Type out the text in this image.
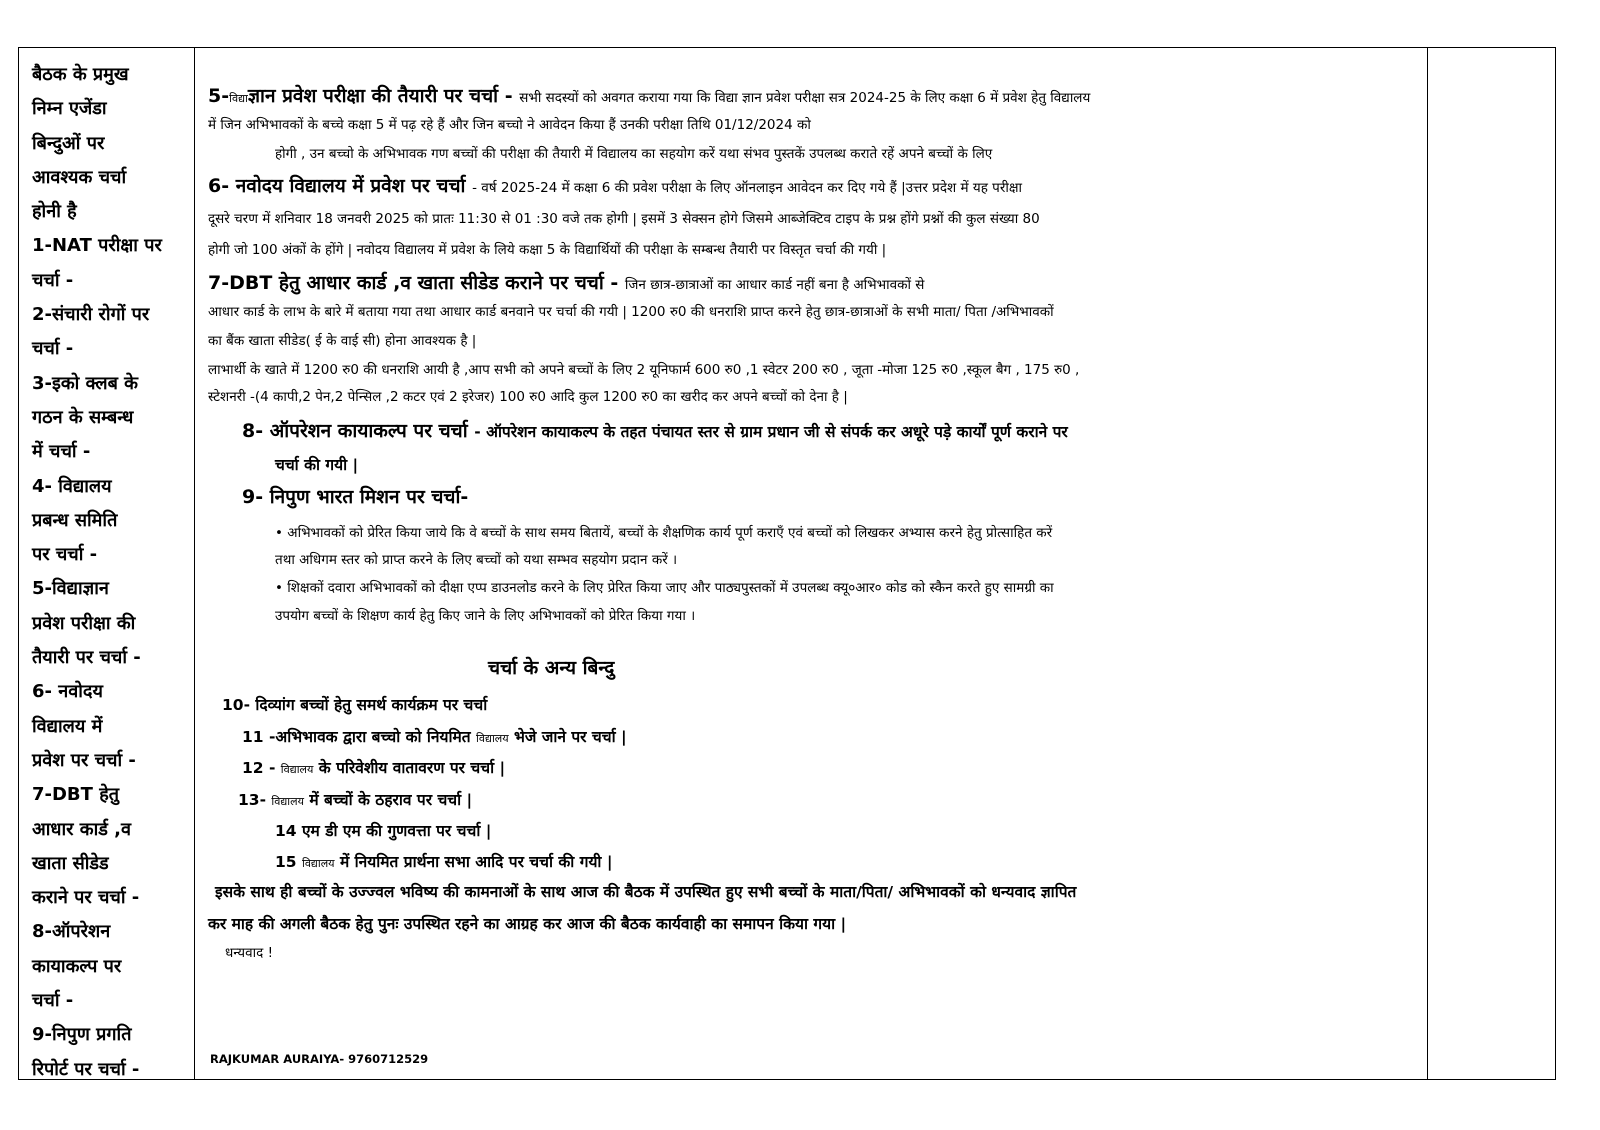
बैठक के प्रमुख
निम्न एजेंडा
बिन्दुओं पर
आवश्यक चर्चा
होनी है
1-NAT परीक्षा पर
चर्चा -
2-संचारी रोगों पर
चर्चा -
3-इको क्लब के
गठन के सम्बन्ध
में चर्चा -
4- विद्यालय
प्रबन्ध समिति
पर चर्चा -
5-विद्याज्ञान
प्रवेश परीक्षा की
तैयारी पर चर्चा -
6- नवोदय
विद्यालय में
प्रवेश पर चर्चा -
7-DBT हेतु
आधार कार्ड ,व
खाता सीडेड
कराने पर चर्चा -
8-ऑपरेशन
कायाकल्प पर
चर्चा -
9-निपुण प्रगति
रिपोर्ट पर चर्चा -
5-विद्याज्ञान प्रवेश परीक्षा की तैयारी पर चर्चा - सभी सदस्यों को अवगत कराया गया कि विद्या ज्ञान प्रवेश परीक्षा सत्र 2024-25 के लिए कक्षा 6 में प्रवेश हेतु विद्यालय
में जिन अभिभावकों के बच्चे कक्षा 5 में पढ़ रहे हैं और जिन बच्चो ने आवेदन किया हैं उनकी परीक्षा तिथि 01/12/2024 को
होगी , उन बच्चो के अभिभावक गण बच्चों की परीक्षा की तैयारी में विद्यालय का सहयोग करें यथा संभव पुस्तकें उपलब्ध कराते रहें अपने बच्चों के लिए
6- नवोदय विद्यालय में प्रवेश पर चर्चा - वर्ष 2025-24 में कक्षा 6 की प्रवेश परीक्षा के लिए ऑनलाइन आवेदन कर दिए गये हैं |उत्तर प्रदेश में यह परीक्षा
दूसरे चरण में शनिवार 18 जनवरी 2025 को प्रातः 11:30 से 01 :30 वजे तक होगी | इसमें 3 सेक्सन होगे जिसमे आब्जेक्टिव टाइप के प्रश्न होंगे प्रश्नों की कुल संख्या 80
होगी जो 100 अंकों के होंगे | नवोदय विद्यालय में प्रवेश के लिये कक्षा 5 के विद्यार्थियों की परीक्षा के सम्बन्ध तैयारी पर विस्तृत चर्चा की गयी |
7-DBT हेतु आधार कार्ड ,व खाता सीडेड कराने पर चर्चा - जिन छात्र-छात्राओं का आधार कार्ड नहीं बना है अभिभावकों से
आधार कार्ड के लाभ के बारे में बताया गया तथा आधार कार्ड बनवाने पर चर्चा की गयी | 1200 रु0 की धनराशि प्राप्त करने हेतु छात्र-छात्राओं के सभी माता/ पिता /अभिभावकों
का बैंक खाता सीडेड( ई के वाई सी) होना आवश्यक है |
लाभार्थी के खाते में 1200 रु0 की धनराशि आयी है ,आप सभी को अपने बच्चों के लिए 2 यूनिफार्म 600 रु0 ,1 स्वेटर 200 रु0 , जूता -मोजा 125 रु0 ,स्कूल बैग , 175 रु0 ,
स्टेशनरी -(4 कापी,2 पेन,2 पेन्सिल ,2 कटर एवं 2 इरेजर) 100 रु0 आदि कुल 1200 रु0 का खरीद कर अपने बच्चों को देना है |
8- ऑपरेशन कायाकल्प पर चर्चा - ऑपरेशन कायाकल्प के तहत पंचायत स्तर से ग्राम प्रधान जी से संपर्क कर अधूरे पड़े कार्यों पूर्ण कराने पर
चर्चा की गयी |
9- निपुण भारत मिशन पर चर्चा-
• अभिभावकों को प्रेरित किया जाये कि वे बच्चों के साथ समय बितायें, बच्चों के शैक्षणिक कार्य पूर्ण कराएँ एवं बच्चों को लिखकर अभ्यास करने हेतु प्रोत्साहित करें
तथा अधिगम स्तर को प्राप्त करने के लिए बच्चों को यथा सम्भव सहयोग प्रदान करें ।
• शिक्षकों दवारा अभिभावकों को दीक्षा एप्प डाउनलोड करने के लिए प्रेरित किया जाए और पाठ्यपुस्तकों में उपलब्ध क्यू०आर० कोड को स्कैन करते हुए सामग्री का
उपयोग बच्चों के शिक्षण कार्य हेतु किए जाने के लिए अभिभावकों को प्रेरित किया गया ।
चर्चा के अन्य बिन्दु
10- दिव्यांग बच्चों हेतु समर्थ कार्यक्रम पर चर्चा
11 -अभिभावक द्वारा बच्चो को नियमित विद्यालय भेजे जाने पर चर्चा |
12 - विद्यालय के परिवेशीय वातावरण पर चर्चा |
13- विद्यालय में बच्चों के ठहराव पर चर्चा |
14 एम डी एम की गुणवत्ता पर चर्चा |
15 विद्यालय में नियमित प्रार्थना सभा आदि पर चर्चा की गयी |
इसके साथ ही बच्चों के उज्ज्वल भविष्य की कामनाओं के साथ आज की बैठक में उपस्थित हुए सभी बच्चों के माता/पिता/ अभिभावकों को धन्यवाद ज्ञापित
कर माह की अगली बैठक हेतु पुनः उपस्थित रहने का आग्रह कर आज की बैठक कार्यवाही का समापन किया गया |
धन्यवाद !
RAJKUMAR AURAIYA- 9760712529
